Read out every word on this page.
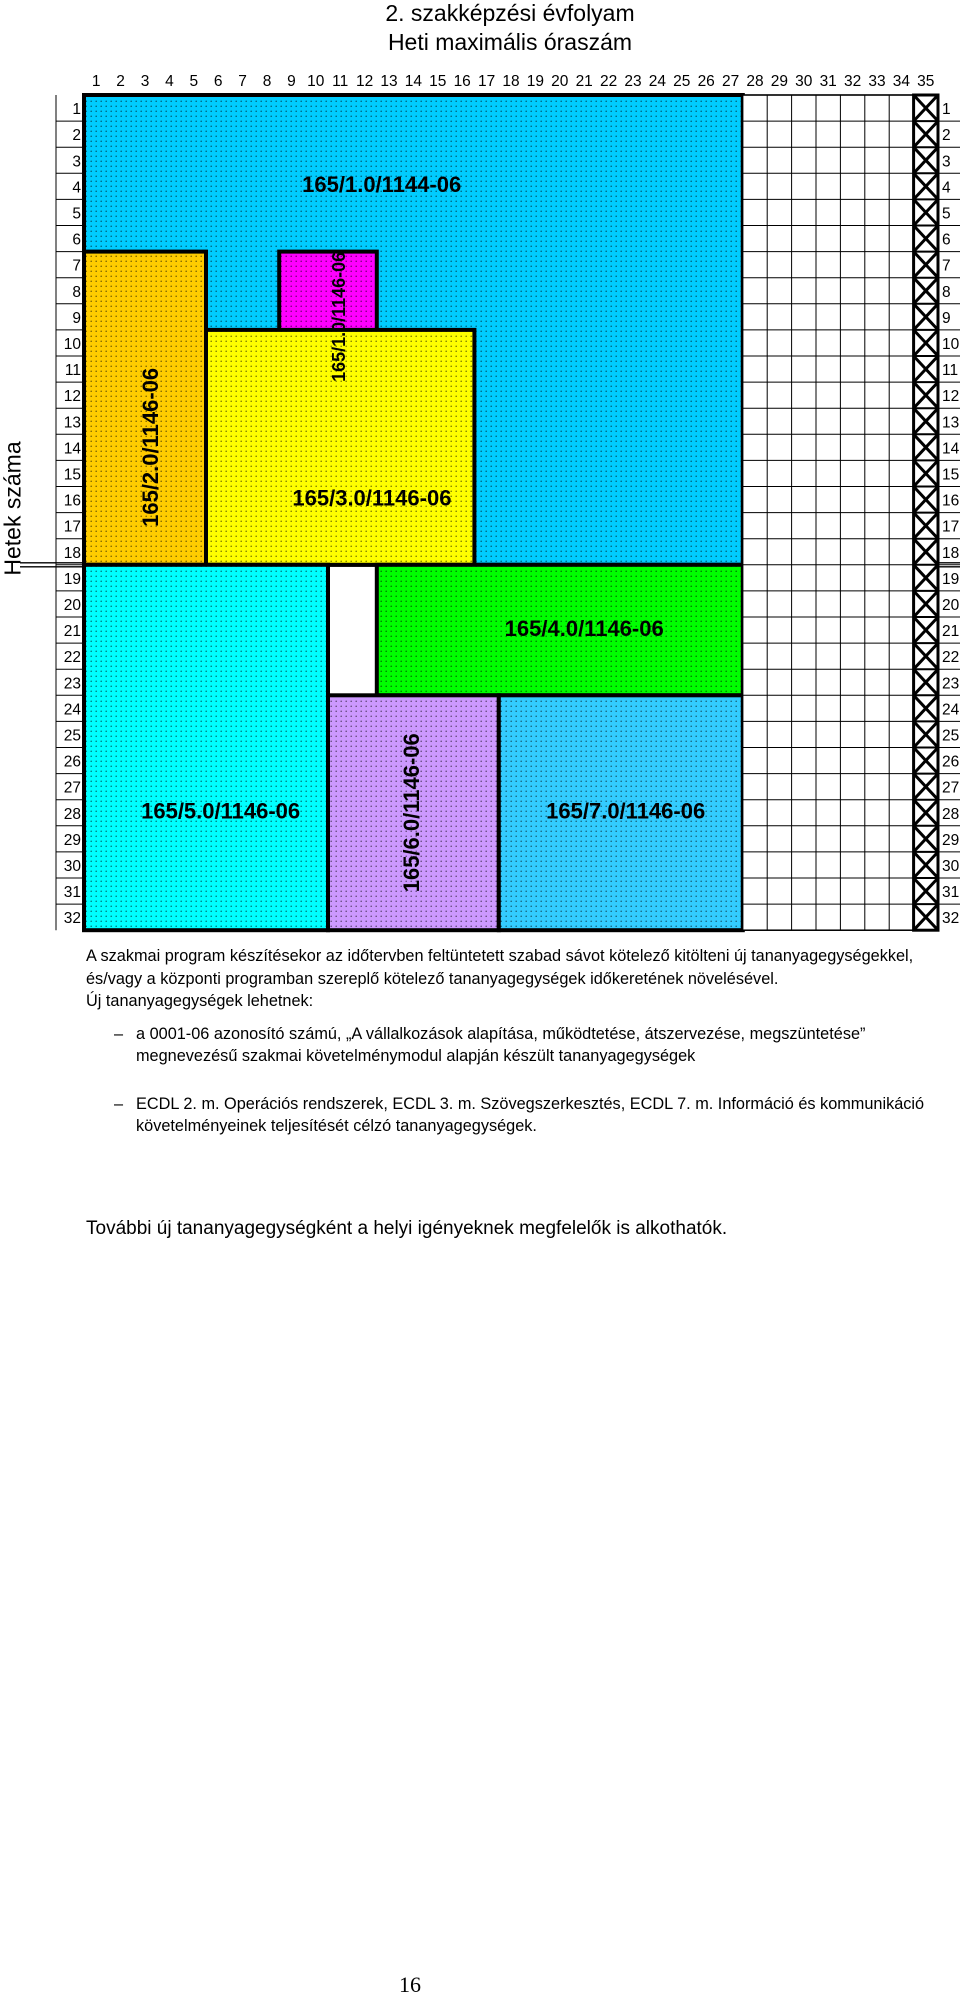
2. szakképzési évfolyam
Heti maximális óraszám
Hetek száma
1 2 3 4 5 6 7 8 9 10 11 12 13 14 15 16 17 18 19 20 21 22 23 24 25 26 27 28 29 30 31 32 33 34 35
1	1
2	2
3	3
4	4
5	5
6	6
7	7
8	8
9	9
10	10
11	11
12	12
13	13
14	14
15	15
16	16
17	17
18	18
19	19
20	20
21	21
22	22
23	23
24	24
25	25
26	26
27	27
28	28
29	29
30	30
31	31
32	32
165/1.0/1144-06
165/2.0/1146-06
165/1.0/1146-06
165/3.0/1146-06
165/4.0/1146-06
165/5.0/1146-06	165/6.0/1146-06	165/7.0/1146-06

A szakmai program készítésekor az időtervben feltüntetett szabad sávot kötelező kitölteni új tananyagegységekkel, és/vagy a központi programban szereplő kötelező tananyagegységek időkeretének növelésével.

Új tananyagegységek lehetnek:

– a 0001-06 azonosító számú, „A vállalkozások alapítása, működtetése, átszervezése, megszüntetése” megnevezésű szakmai követelménymodul alapján készült tananyagegységek
– ECDL 2. m. Operációs rendszerek, ECDL 3. m. Szövegszerkesztés, ECDL 7. m. Információ és kommunikáció követelményeinek teljesítését célzó tananyagegységek.
További új tananyagegységként a helyi igényeknek megfelelők is alkothatók.
16
